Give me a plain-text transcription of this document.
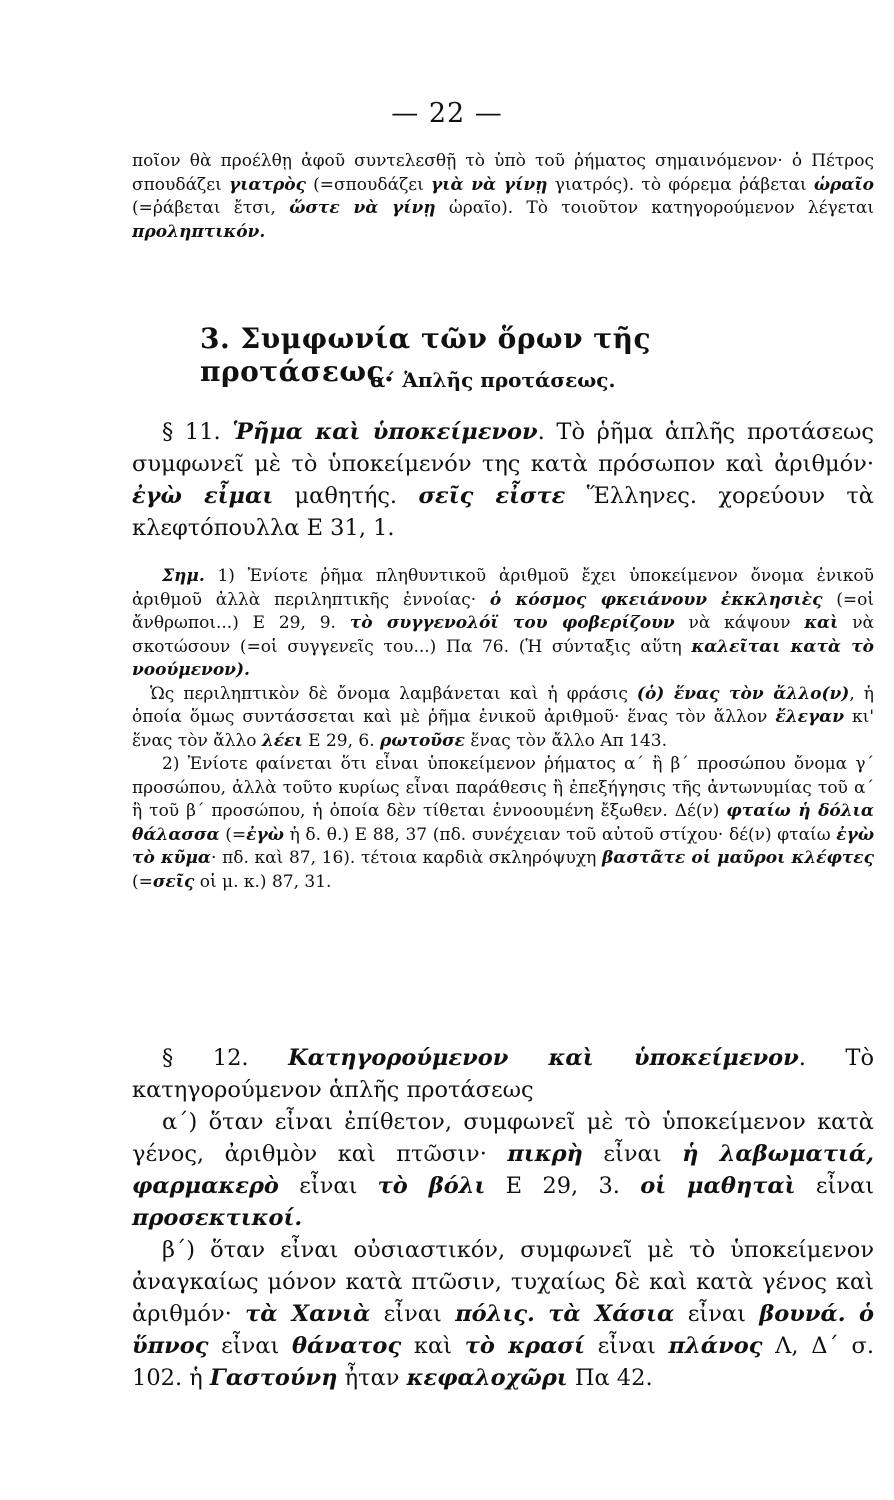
— 22 —

ποῖον θὰ προέλθῃ ἀφοῦ συντελεσθῇ τὸ ὑπὸ τοῦ ῥήματος σημαινόμενον· ὁ Πέτρος σπουδάζει γιατρὸς (=σπουδάζει γιὰ νὰ γίνῃ γιατρός). τὸ φόρεμα ῥάβεται ὡραῖο (=ῥάβεται ἔτσι, ὥστε νὰ γίνῃ ὡραῖο). Τὸ τοιοῦτον κατηγορούμενον λέγεται προληπτικόν.

3. Συμφωνία τῶν ὅρων τῆς προτάσεως.
α΄ Ἁπλῆς προτάσεως.

§ 11. Ῥῆμα καὶ ὑποκείμενον. Τὸ ῥῆμα ἁπλῆς προτάσεως συμφωνεῖ μὲ τὸ ὑποκείμενόν της κατὰ πρόσωπον καὶ ἀριθμόν· ἐγὼ εἶμαι μαθητής. σεῖς εἶστε Ἕλληνες. χορεύουν τὰ κλεφτόπουλλα Ε 31, 1.

Σημ. 1) Ἐνίοτε ῥῆμα πληθυντικοῦ ἀριθμοῦ ἔχει ὑποκείμενον ὄνομα ἑνικοῦ ἀριθμοῦ ἀλλὰ περιληπτικῆς ἐννοίας· ὁ κόσμος φκειάνουν ἐκκλησιὲς (=οἱ ἄνθρωποι...) Ε 29, 9. τὸ συγγενολόϊ του φοβερίζουν νὰ κάψουν καὶ νὰ σκοτώσουν (=οἱ συγγενεῖς του...) Πα 76. (Ἡ σύνταξις αὕτη καλεῖται κατὰ τὸ νοούμενον).

Ὡς περιληπτικὸν δὲ ὄνομα λαμβάνεται καὶ ἡ φράσις (ὁ) ἕνας τὸν ἄλλο(ν), ἡ ὁποία ὅμως συντάσσεται καὶ μὲ ῥῆμα ἑνικοῦ ἀριθμοῦ· ἕνας τὸν ἄλλον ἔλεγαν κι' ἕνας τὸν ἄλλο λέει Ε 29, 6. ρωτοῦσε ἕνας τὸν ἄλλο Απ 143.

2) Ἐνίοτε φαίνεται ὅτι εἶναι ὑποκείμενον ῥήματος α΄ ἢ β΄ προσώπου ὄνομα γ΄ προσώπου, ἀλλὰ τοῦτο κυρίως εἶναι παράθεσις ἢ ἐπεξήγησις τῆς ἀντωνυμίας τοῦ α΄ ἢ τοῦ β΄ προσώπου, ἡ ὁποία δὲν τίθεται ἐννοουμένη ἔξωθεν. Δέ(ν) φταίω ἡ δόλια θάλασσα (=ἐγὼ ἡ δ. θ.) Ε 88, 37 (πδ. συνέχειαν τοῦ αὐτοῦ στίχου· δέ(ν) φταίω ἐγὼ τὸ κῦμα· πδ. καὶ 87, 16). τέτοια καρδιὰ σκληρόψυχη βαστᾶτε οἱ μαῦροι κλέφτες (=σεῖς οἱ μ. κ.) 87, 31.

§ 12. Κατηγορούμενον καὶ ὑποκείμενον. Τὸ κατηγορούμενον ἁπλῆς προτάσεως

α΄) ὅταν εἶναι ἐπίθετον, συμφωνεῖ μὲ τὸ ὑποκείμενον κατὰ γένος, ἀριθμὸν καὶ πτῶσιν· πικρὴ εἶναι ἡ λαβωματιά, φαρμακερὸ εἶναι τὸ βόλι Ε 29, 3. οἱ μαθηταὶ εἶναι προσεκτικοί.

β΄) ὅταν εἶναι οὐσιαστικόν, συμφωνεῖ μὲ τὸ ὑποκείμενον ἀναγκαίως μόνον κατὰ πτῶσιν, τυχαίως δὲ καὶ κατὰ γένος καὶ ἀριθμόν· τὰ Χανιὰ εἶναι πόλις. τὰ Χάσια εἶναι βουνά. ὁ ὕπνος εἶναι θάνατος καὶ τὸ κρασί εἶναι πλάνος Λ, Δ΄ σ. 102. ἡ Γαστούνη ἦταν κεφαλοχῶρι Πα 42.
